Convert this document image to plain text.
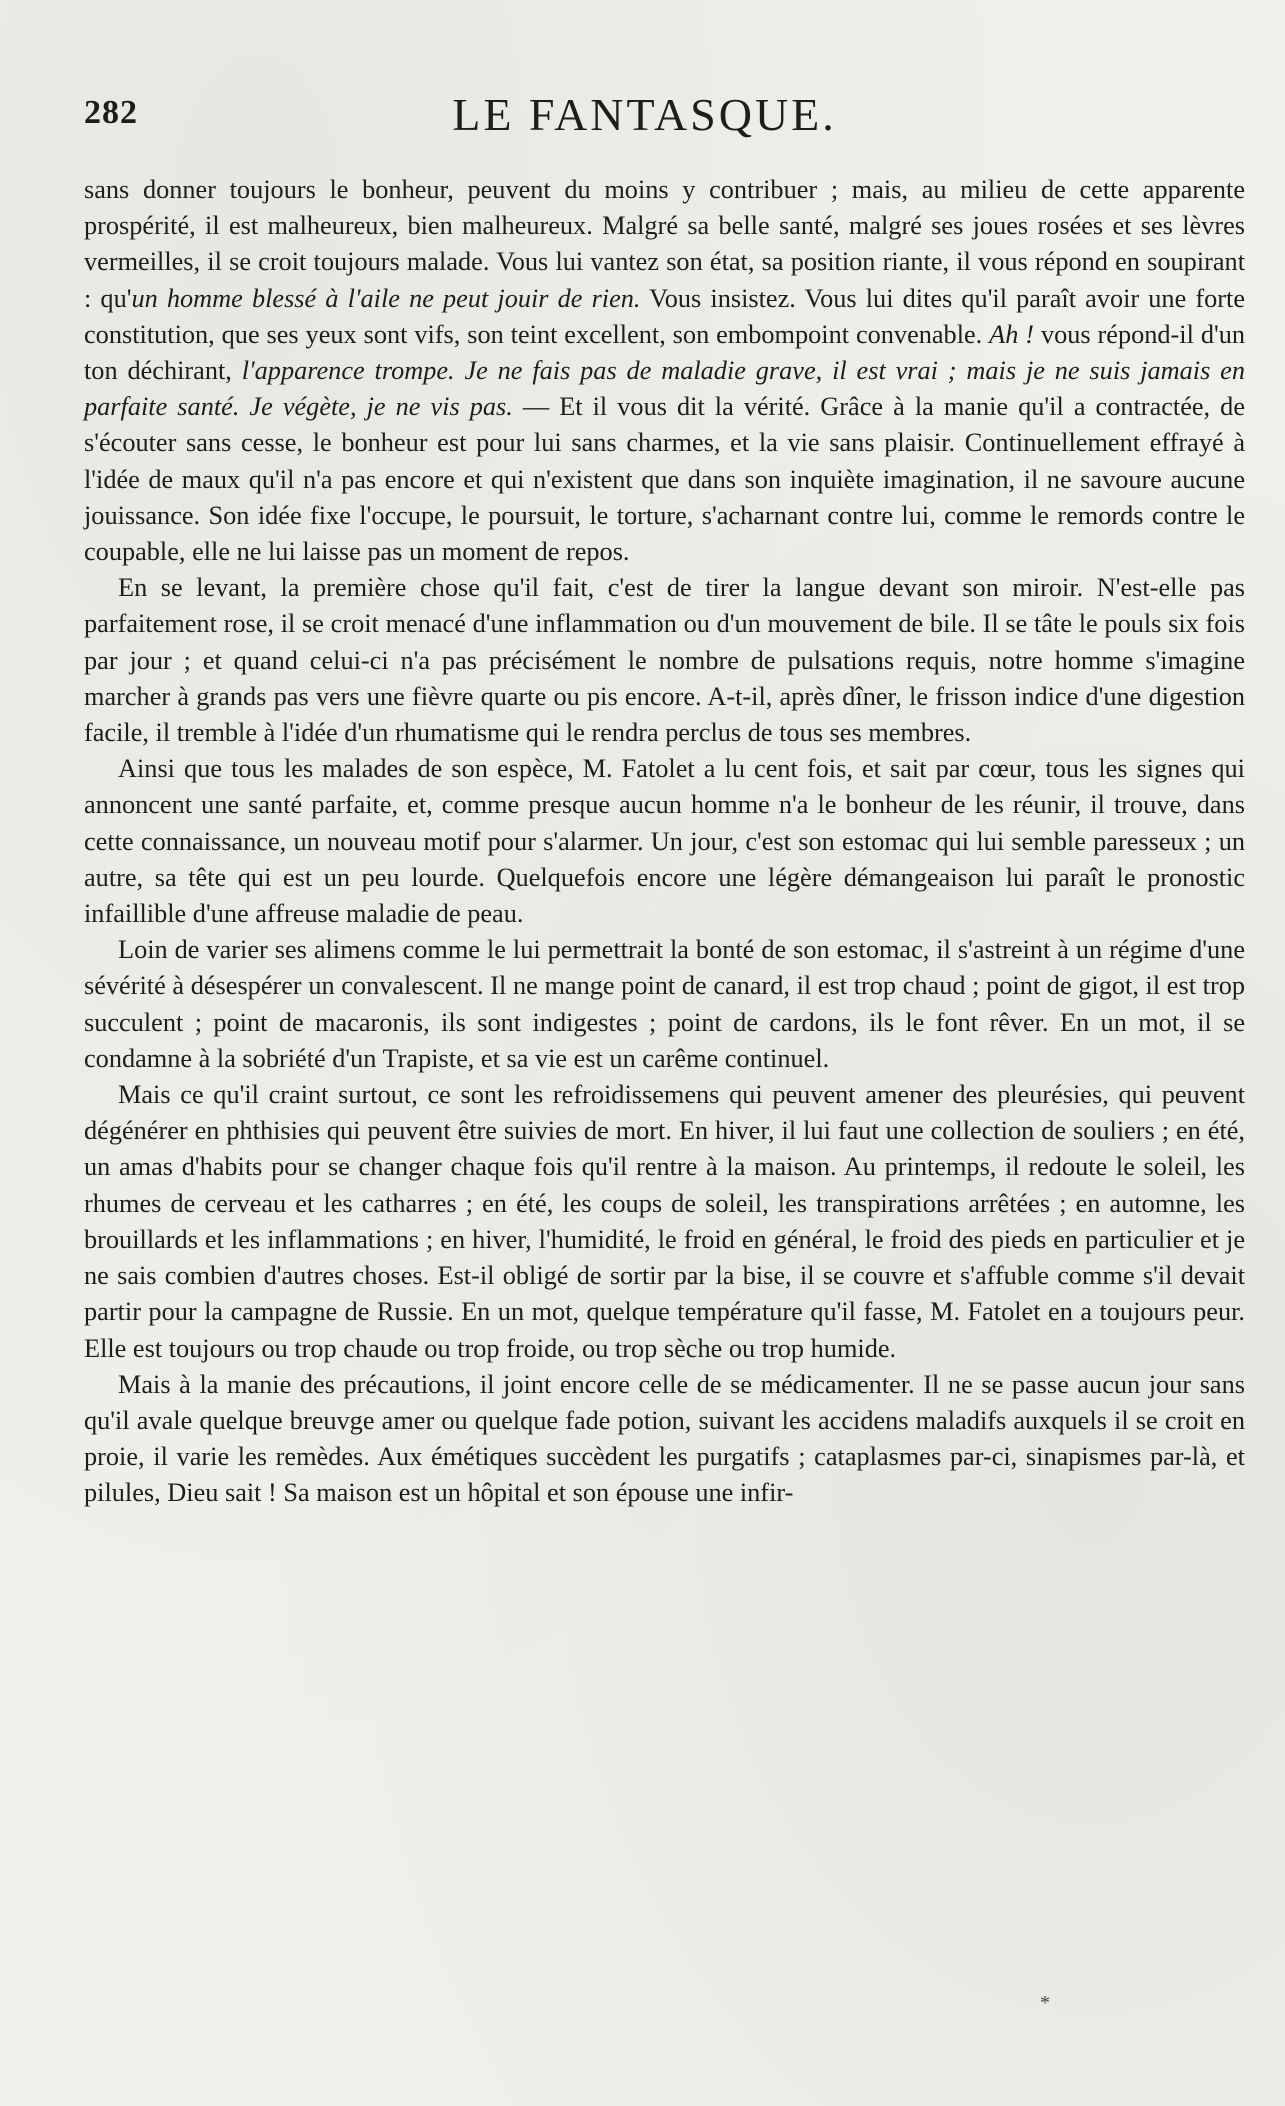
282	LE FANTASQUE.

sans donner toujours le bonheur, peuvent du moins y contribuer ; mais, au milieu de cette apparente prospérité, il est malheureux, bien malheureux. Malgré sa belle santé, malgré ses joues rosées et ses lèvres vermeilles, il se croit toujours malade. Vous lui vantez son état, sa position riante, il vous répond en soupirant : qu'un homme blessé à l'aile ne peut jouir de rien. Vous insistez. Vous lui dites qu'il paraît avoir une forte constitution, que ses yeux sont vifs, son teint excellent, son embompoint convenable. Ah ! vous répond-il d'un ton déchirant, l'apparence trompe. Je ne fais pas de maladie grave, il est vrai ; mais je ne suis jamais en parfaite santé. Je végète, je ne vis pas. — Et il vous dit la vérité. Grâce à la manie qu'il a contractée, de s'écouter sans cesse, le bonheur est pour lui sans charmes, et la vie sans plaisir. Continuellement effrayé à l'idée de maux qu'il n'a pas encore et qui n'existent que dans son inquiète imagination, il ne savoure aucune jouissance. Son idée fixe l'occupe, le poursuit, le torture, s'acharnant contre lui, comme le remords contre le coupable, elle ne lui laisse pas un moment de repos.

En se levant, la première chose qu'il fait, c'est de tirer la langue devant son miroir. N'est-elle pas parfaitement rose, il se croit menacé d'une inflammation ou d'un mouvement de bile. Il se tâte le pouls six fois par jour ; et quand celui-ci n'a pas précisément le nombre de pulsations requis, notre homme s'imagine marcher à grands pas vers une fièvre quarte ou pis encore. A-t-il, après dîner, le frisson indice d'une digestion facile, il tremble à l'idée d'un rhumatisme qui le rendra perclus de tous ses membres.

Ainsi que tous les malades de son espèce, M. Fatolet a lu cent fois, et sait par cœur, tous les signes qui annoncent une santé parfaite, et, comme presque aucun homme n'a le bonheur de les réunir, il trouve, dans cette connaissance, un nouveau motif pour s'alarmer. Un jour, c'est son estomac qui lui semble paresseux ; un autre, sa tête qui est un peu lourde. Quelquefois encore une légère démangeaison lui paraît le pronostic infaillible d'une affreuse maladie de peau.

Loin de varier ses alimens comme le lui permettrait la bonté de son estomac, il s'astreint à un régime d'une sévérité à désespérer un convalescent. Il ne mange point de canard, il est trop chaud ; point de gigot, il est trop succulent ; point de macaronis, ils sont indigestes ; point de cardons, ils le font rêver. En un mot, il se condamne à la sobriété d'un Trapiste, et sa vie est un carême continuel.

Mais ce qu'il craint surtout, ce sont les refroidissemens qui peuvent amener des pleurésies, qui peuvent dégénérer en phthisies qui peuvent être suivies de mort. En hiver, il lui faut une collection de souliers ; en été, un amas d'habits pour se changer chaque fois qu'il rentre à la maison. Au printemps, il redoute le soleil, les rhumes de cerveau et les catharres ; en été, les coups de soleil, les transpirations arrêtées ; en automne, les brouillards et les inflammations ; en hiver, l'humidité, le froid en général, le froid des pieds en particulier et je ne sais combien d'autres choses. Est-il obligé de sortir par la bise, il se couvre et s'affuble comme s'il devait partir pour la campagne de Russie. En un mot, quelque température qu'il fasse, M. Fatolet en a toujours peur. Elle est toujours ou trop chaude ou trop froide, ou trop sèche ou trop humide.

Mais à la manie des précautions, il joint encore celle de se médicamenter. Il ne se passe aucun jour sans qu'il avale quelque breuvge amer ou quelque fade potion, suivant les accidens maladifs auxquels il se croit en proie, il varie les remèdes. Aux émétiques succèdent les purgatifs ; cataplasmes par-ci, sinapismes par-là, et pilules, Dieu sait ! Sa maison est un hôpital et son épouse une infir-

*
